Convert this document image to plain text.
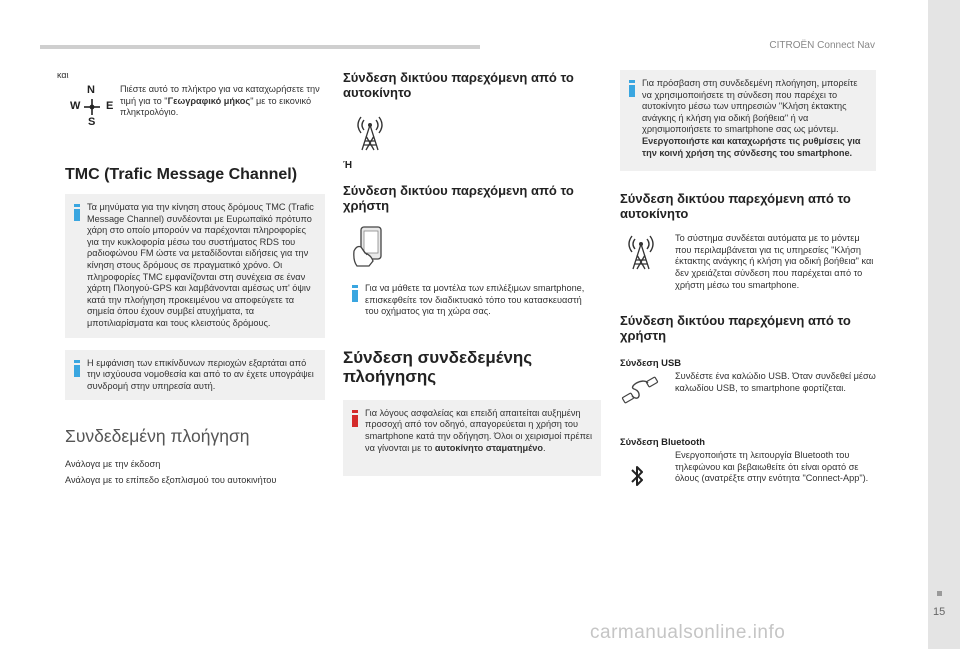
CITROËN Connect Nav
15
carmanualsonline.info
και
N
S
W E
Πιέστε αυτό το πλήκτρο για να καταχωρήσετε την τιμή για το "Γεωγραφικό μήκος" με το εικονικό πληκτρολόγιο.
TMC (Trafic Message Channel)
Τα μηνύματα για την κίνηση στους δρόμους TMC (Trafic Message Channel) συνδέονται με Ευρωπαϊκό πρότυπο χάρη στο οποίο μπορούν να παρέχονται πληροφορίες για την κυκλοφορία μέσω του συστήματος RDS του ραδιοφώνου FM ώστε να μεταδίδονται ειδήσεις για την κίνηση στους δρόμους σε πραγματικό χρόνο. Οι πληροφορίες TMC εμφανίζονται στη συνέχεια σε έναν χάρτη Πλοηγού-GPS και λαμβάνονται αμέσως υπ' όψιν κατά την πλοήγηση προκειμένου να αποφεύγετε τα σημεία όπου έχουν συμβεί ατυχήματα, τα μποτιλιαρίσματα και τους κλειστούς δρόμους.
Η εμφάνιση των επικίνδυνων περιοχών εξαρτάται από την ισχύουσα νομοθεσία και από το αν έχετε υπογράψει συνδρομή στην υπηρεσία αυτή.
Συνδεδεμένη πλοήγηση
Ανάλογα με την έκδοση
Ανάλογα με το επίπεδο εξοπλισμού του αυτοκινήτου
Σύνδεση δικτύου παρεχόμενη από το αυτοκίνητο
Ή
Σύνδεση δικτύου παρεχόμενη από το χρήστη
Για να μάθετε τα μοντέλα των επιλέξιμων smartphone, επισκεφθείτε τον διαδικτυακό τόπο του κατασκευαστή του οχήματος για τη χώρα σας.
Σύνδεση συνδεδεμένης πλοήγησης
Για λόγους ασφαλείας και επειδή απαιτείται αυξημένη προσοχή από τον οδηγό, απαγορεύεται η χρήση του smartphone κατά την οδήγηση. Όλοι οι χειρισμοί πρέπει να γίνονται με το αυτοκίνητο σταματημένο.
Για πρόσβαση στη συνδεδεμένη πλοήγηση, μπορείτε να χρησιμοποιήσετε τη σύνδεση που παρέχει το αυτοκίνητο μέσω των υπηρεσιών "Κλήση έκτακτης ανάγκης ή κλήση για οδική βοήθεια" ή να χρησιμοποιήσετε το smartphone σας ως μόντεμ.
Ενεργοποιήστε και καταχωρήστε τις ρυθμίσεις για την κοινή χρήση της σύνδεσης του smartphone.
Σύνδεση δικτύου παρεχόμενη από το αυτοκίνητο
Το σύστημα συνδέεται αυτόματα με το μόντεμ που περιλαμβάνεται για τις υπηρεσίες "Κλήση έκτακτης ανάγκης ή κλήση για οδική βοήθεια" και δεν χρειάζεται σύνδεση που παρέχεται από το χρήστη μέσω του smartphone.
Σύνδεση δικτύου παρεχόμενη από το χρήστη
Σύνδεση USB
Συνδέστε ένα καλώδιο USB. Όταν συνδεθεί μέσω καλωδίου USB, το smartphone φορτίζεται.
Σύνδεση Bluetooth
Ενεργοποιήστε τη λειτουργία Bluetooth του τηλεφώνου και βεβαιωθείτε ότι είναι ορατό σε όλους (ανατρέξτε στην ενότητα "Connect-App").
